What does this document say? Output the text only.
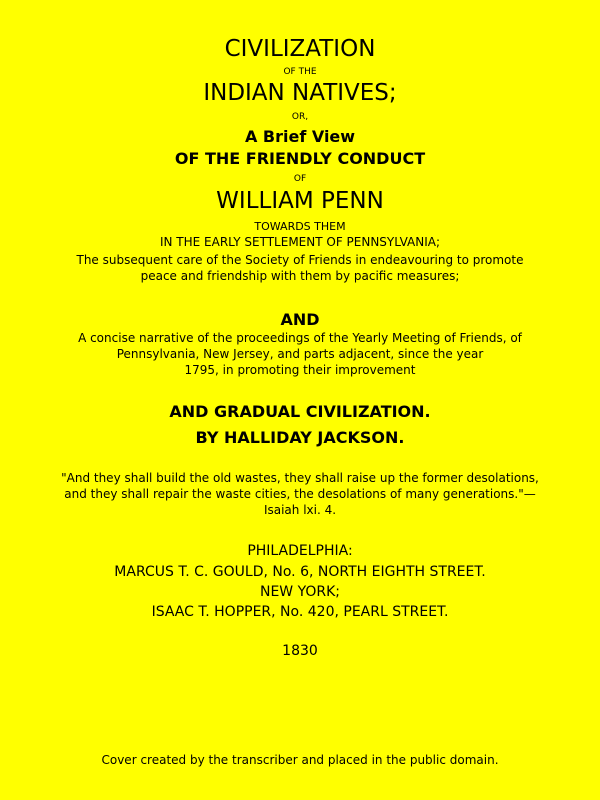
CIVILIZATION
OF THE
INDIAN NATIVES;
OR,
A Brief View
OF THE FRIENDLY CONDUCT
OF
WILLIAM PENN
TOWARDS THEM
IN THE EARLY SETTLEMENT OF PENNSYLVANIA;
The subsequent care of the Society of Friends in endeavouring to promote
peace and friendship with them by pacific measures;
AND
A concise narrative of the proceedings of the Yearly Meeting of Friends, of
Pennsylvania, New Jersey, and parts adjacent, since the year
1795, in promoting their improvement
AND GRADUAL CIVILIZATION.
BY HALLIDAY JACKSON.
"And they shall build the old wastes, they shall raise up the former desolations,
and they shall repair the waste cities, the desolations of many generations."—
Isaiah lxi. 4.
PHILADELPHIA:
MARCUS T. C. GOULD, No. 6, NORTH EIGHTH STREET.
NEW YORK;
ISAAC T. HOPPER, No. 420, PEARL STREET.
1830
Cover created by the transcriber and placed in the public domain.
